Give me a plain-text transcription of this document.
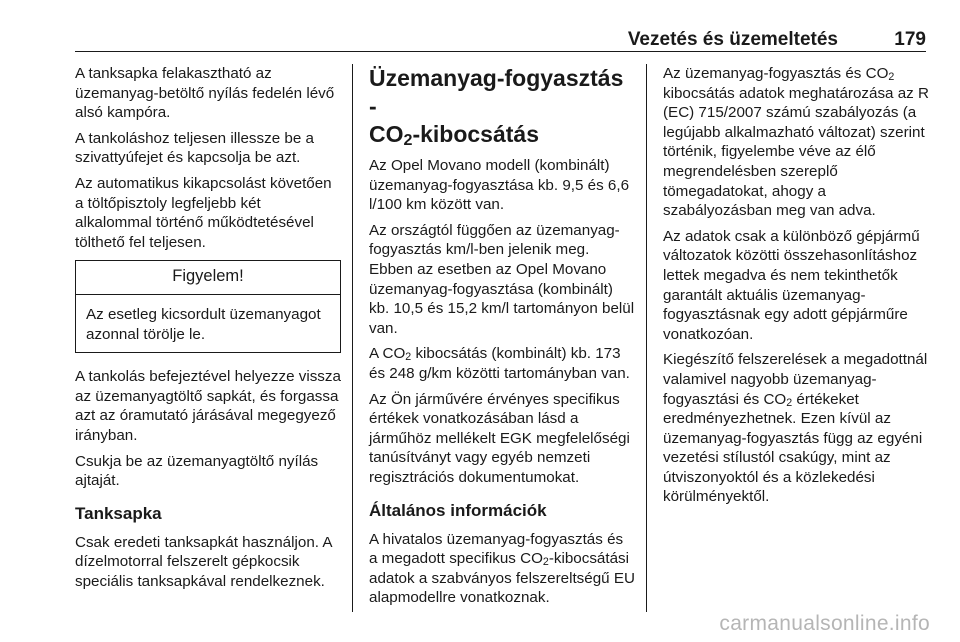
Vezetés és üzemeltetés	179

A tanksapka felakasztható az üzemanyag-betöltő nyílás fedelén lévő alsó kampóra.

A tankoláshoz teljesen illessze be a szivattyúfejet és kapcsolja be azt.

Az automatikus kikapcsolást követően a töltőpisztoly legfeljebb két alkalommal történő működtetésével tölthető fel teljesen.

Figyelem!
Az esetleg kicsordult üzemanyagot azonnal törölje le.

A tankolás befejeztével helyezze vissza az üzemanyagtöltő sapkát, és forgassa azt az óramutató járásával megegyező irányban.

Csukja be az üzemanyagtöltő nyílás ajtaját.

Tanksapka

Csak eredeti tanksapkát használjon. A dízelmotorral felszerelt gépkocsik speciális tanksapkával rendelkeznek.

Üzemanyag-fogyasztás -
$CO_2$-kibocsátás

Az Opel Movano modell (kombinált) üzemanyag-fogyasztása kb. 9,5 és 6,6 l/100 km között van.

Az országtól függően az üzemanyag-fogyasztás km/l-ben jelenik meg. Ebben az esetben az Opel Movano üzemanyag-fogyasztása (kombinált) kb. 10,5 és 15,2 km/l tartományon belül van.

A $CO_2$ kibocsátás (kombinált) kb. 173 és 248 g/km közötti tartományban van.

Az Ön járművére érvényes specifikus értékek vonatkozásában lásd a járműhöz mellékelt EGK megfelelőségi tanúsítványt vagy egyéb nemzeti regisztrációs dokumentumokat.

Általános információk

A hivatalos üzemanyag-fogyasztás és a megadott specifikus $CO_2$-kibocsátási adatok a szabványos felszereltségű EU alapmodellre vonatkoznak.

Az üzemanyag-fogyasztás és $CO_2$ kibocsátás adatok meghatározása az R (EC) 715/2007 számú szabályozás (a legújabb alkalmazható változat) szerint történik, figyelembe véve az élő megrendelésben szereplő tömegadatokat, ahogy a szabályozásban meg van adva.

Az adatok csak a különböző gépjármű változatok közötti összehasonlításhoz lettek megadva és nem tekinthetők garantált aktuális üzemanyag-fogyasztásnak egy adott gépjárműre vonatkozóan.

Kiegészítő felszerelések a megadottnál valamivel nagyobb üzemanyag-fogyasztási és $CO_2$ értékeket eredményezhetnek. Ezen kívül az üzemanyag-fogyasztás függ az egyéni vezetési stílustól csakúgy, mint az útviszonyoktól és a közlekedési körülményektől.

carmanualsonline.info
